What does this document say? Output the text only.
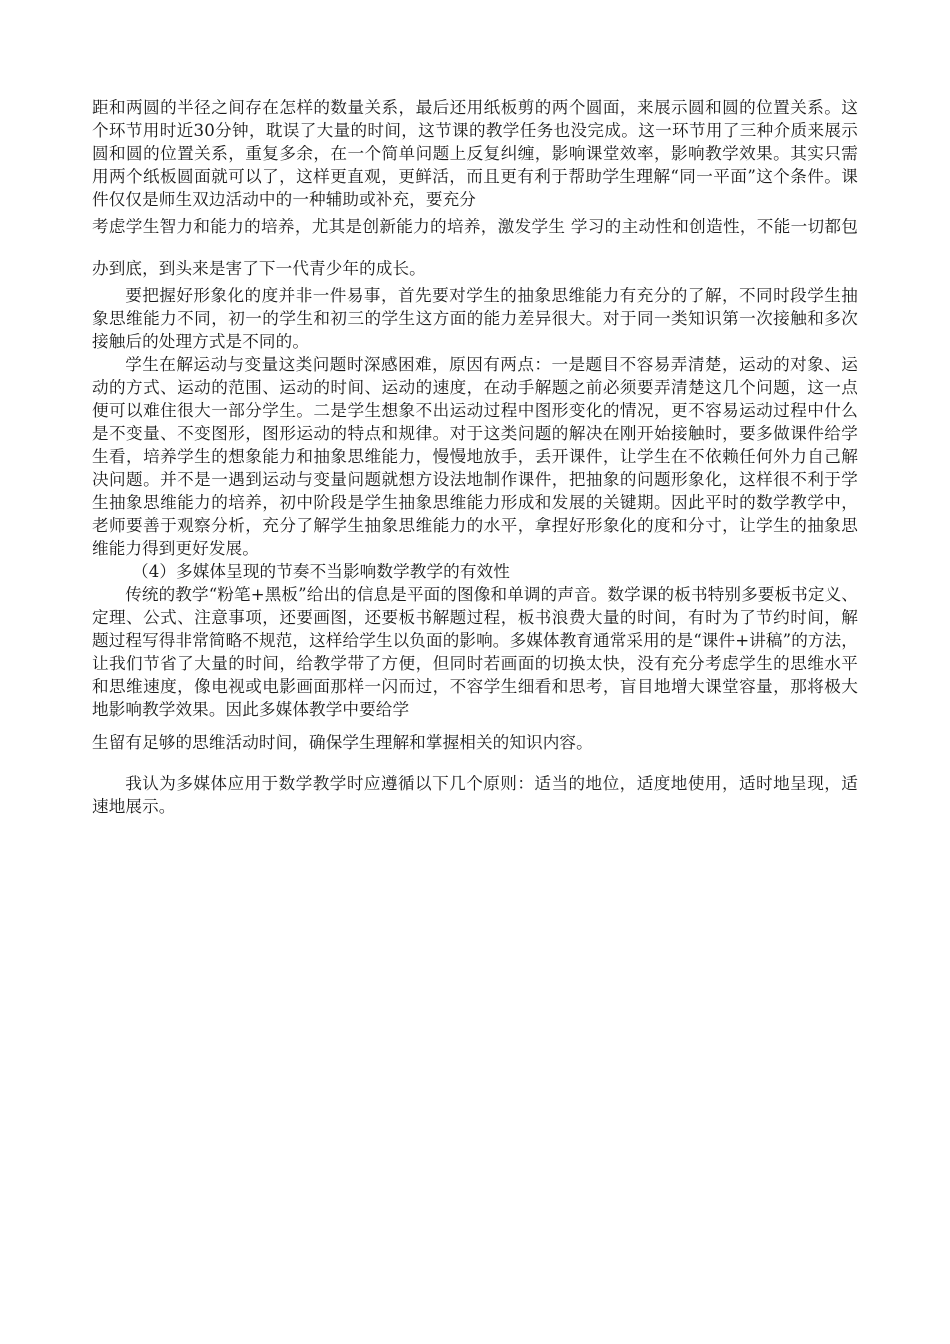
距和两圆的半径之间存在怎样的数量关系，最后还用纸板剪的两个圆面，来展示圆和圆的位置关系。这个环节用时近30分钟，耽误了大量的时间，这节课的教学任务也没完成。这一环节用了三种介质来展示圆和圆的位置关系，重复多余，在一个简单问题上反复纠缠，影响课堂效率，影响教学效果。其实只需用两个纸板圆面就可以了，这样更直观，更鲜活，而且更有利于帮助学生理解“同一平面”这个条件。课件仅仅是师生双边活动中的一种辅助或补充，要充分

考虑学生智力和能力的培养，尤其是创新能力的培养，激发学生 学习的主动性和创造性，不能一切都包办到底，到头来是害了下一代青少年的成长。

要把握好形象化的度并非一件易事，首先要对学生的抽象思维能力有充分的了解，不同时段学生抽象思维能力不同，初一的学生和初三的学生这方面的能力差异很大。对于同一类知识第一次接触和多次接触后的处理方式是不同的。

学生在解运动与变量这类问题时深感困难，原因有两点：一是题目不容易弄清楚，运动的对象、运动的方式、运动的范围、运动的时间、运动的速度，在动手解题之前必须要弄清楚这几个问题，这一点便可以难住很大一部分学生。二是学生想象不出运动过程中图形变化的情况，更不容易运动过程中什么是不变量、不变图形，图形运动的特点和规律。对于这类问题的解决在刚开始接触时，要多做课件给学生看，培养学生的想象能力和抽象思维能力，慢慢地放手，丢开课件，让学生在不依赖任何外力自己解决问题。并不是一遇到运动与变量问题就想方设法地制作课件，把抽象的问题形象化，这样很不利于学生抽象思维能力的培养，初中阶段是学生抽象思维能力形成和发展的关键期。因此平时的数学教学中，老师要善于观察分析，充分了解学生抽象思维能力的水平，拿捏好形象化的度和分寸，让学生的抽象思维能力得到更好发展。

（4）多媒体呈现的节奏不当影响数学教学的有效性

传统的教学“粉笔+黑板”给出的信息是平面的图像和单调的声音。数学课的板书特别多要板书定义、定理、公式、注意事项，还要画图，还要板书解题过程，板书浪费大量的时间，有时为了节约时间，解题过程写得非常简略不规范，这样给学生以负面的影响。多媒体教育通常采用的是“课件+讲稿”的方法，让我们节省了大量的时间，给教学带了方便，但同时若画面的切换太快，没有充分考虑学生的思维水平和思维速度，像电视或电影画面那样一闪而过，不容学生细看和思考，盲目地增大课堂容量，那将极大地影响教学效果。因此多媒体教学中要给学

生留有足够的思维活动时间，确保学生理解和掌握相关的知识内容。

我认为多媒体应用于数学教学时应遵循以下几个原则：适当的地位，适度地使用，适时地呈现，适速地展示。
